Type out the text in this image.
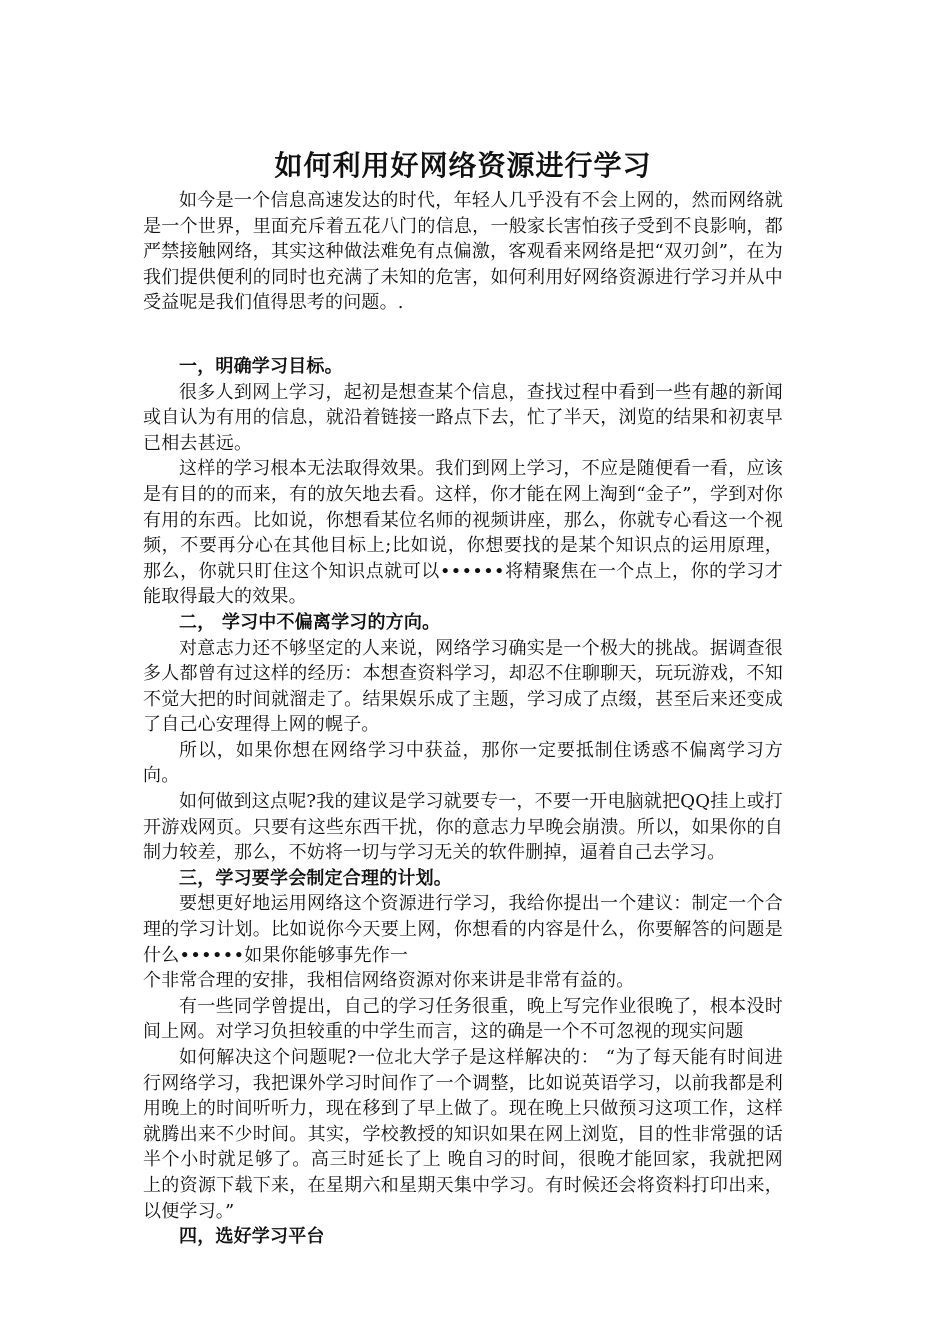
如何利用好网络资源进行学习

如今是一个信息高速发达的时代，年轻人几乎没有不会上网的，然而网络就是一个世界，里面充斥着五花八门的信息，一般家长害怕孩子受到不良影响，都严禁接触网络，其实这种做法难免有点偏激，客观看来网络是把“双刃剑”，在为我们提供便利的同时也充满了未知的危害，如何利用好网络资源进行学习并从中受益呢是我们值得思考的问题。.

一，明确学习目标。

很多人到网上学习，起初是想查某个信息，查找过程中看到一些有趣的新闻或自认为有用的信息，就沿着链接一路点下去，忙了半天，浏览的结果和初衷早已相去甚远。

这样的学习根本无法取得效果。我们到网上学习，不应是随便看一看，应该是有目的的而来，有的放矢地去看。这样，你才能在网上淘到“金子”，学到对你有用的东西。比如说，你想看某位名师的视频讲座，那么，你就专心看这一个视频，不要再分心在其他目标上;比如说，你想要找的是某个知识点的运用原理，那么，你就只盯住这个知识点就可以••••••将精聚焦在一个点上，你的学习才能取得最大的效果。

二， 学习中不偏离学习的方向。

对意志力还不够坚定的人来说，网络学习确实是一个极大的挑战。据调查很多人都曾有过这样的经历：本想查资料学习，却忍不住聊聊天，玩玩游戏，不知不觉大把的时间就溜走了。结果娱乐成了主题，学习成了点缀，甚至后来还变成了自己心安理得上网的幌子。

所以，如果你想在网络学习中获益，那你一定要抵制住诱惑不偏离学习方向。

如何做到这点呢?我的建议是学习就要专一，不要一开电脑就把QQ挂上或打开游戏网页。只要有这些东西干扰，你的意志力早晚会崩溃。所以，如果你的自制力较差，那么，不妨将一切与学习无关的软件删掉，逼着自己去学习。

三，学习要学会制定合理的计划。

要想更好地运用网络这个资源进行学习，我给你提出一个建议：制定一个合理的学习计划。比如说你今天要上网，你想看的内容是什么，你要解答的问题是什么••••••如果你能够事先作一

个非常合理的安排，我相信网络资源对你来讲是非常有益的。

有一些同学曾提出，自己的学习任务很重，晚上写完作业很晚了，根本没时间上网。对学习负担较重的中学生而言，这的确是一个不可忽视的现实问题

如何解决这个问题呢?一位北大学子是这样解决的： “为了每天能有时间进行网络学习，我把课外学习时间作了一个调整，比如说英语学习，以前我都是利用晚上的时间听听力，现在移到了早上做了。现在晚上只做预习这项工作，这样就腾出来不少时间。其实，学校教授的知识如果在网上浏览，目的性非常强的话半个小时就足够了。高三时延长了上 晚自习的时间，很晚才能回家，我就把网上的资源下载下来，在星期六和星期天集中学习。有时候还会将资料打印出来，以便学习。”

四，选好学习平台
